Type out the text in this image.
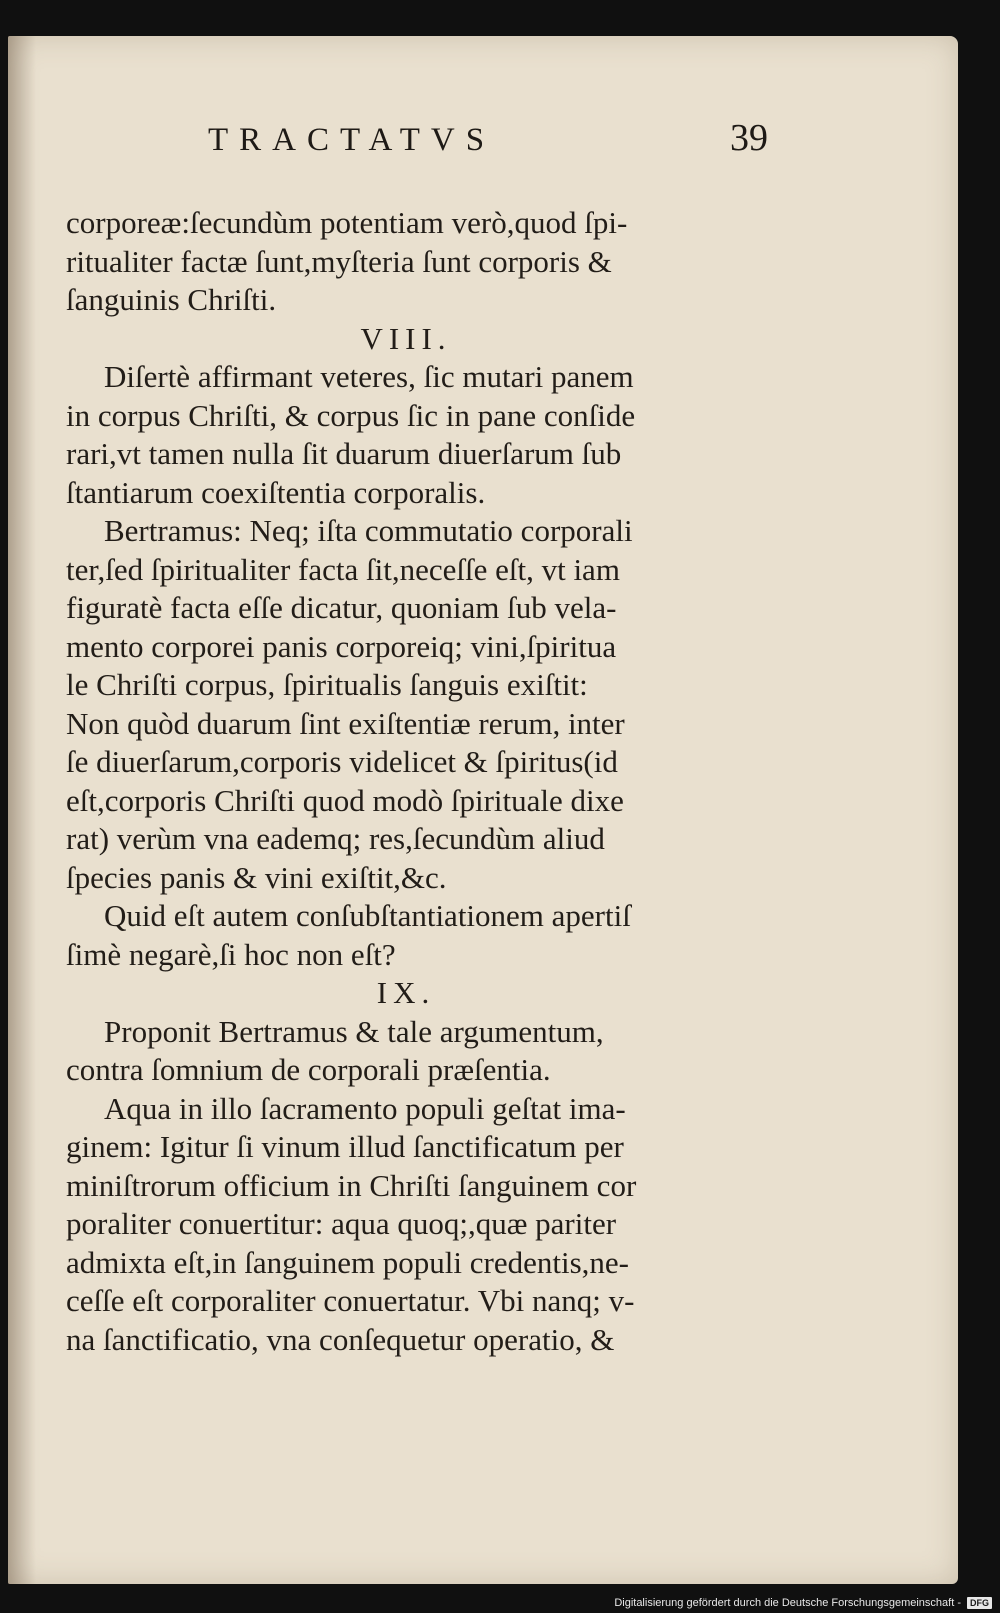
TRACTATVS	39
corporeæ:ſecundùm potentiam verò,quod ſpi-
ritualiter factæ ſunt,myſteria ſunt corporis &
ſanguinis Chriſti.
VIII.
Diſertè affirmant veteres, ſic mutari panem
in corpus Chriſti, & corpus ſic in pane conſide
rari,vt tamen nulla ſit duarum diuerſarum ſub
ſtantiarum coexiſtentia corporalis.
Bertramus: Neq; iſta commutatio corporali
ter,ſed ſpiritualiter facta ſit,neceſſe eſt, vt iam
figuratè facta eſſe dicatur, quoniam ſub vela-
mento corporei panis corporeiq; vini,ſpiritua
le Chriſti corpus, ſpiritualis ſanguis exiſtit:
Non quòd duarum ſint exiſtentiæ rerum, inter
ſe diuerſarum,corporis videlicet & ſpiritus(id
eſt,corporis Chriſti quod modò ſpirituale dixe
rat) verùm vna eademq; res,ſecundùm aliud
ſpecies panis & vini exiſtit,&c.
Quid eſt autem conſubſtantiationem apertiſ
ſimè negarè,ſi hoc non eſt?
IX.
Proponit Bertramus & tale argumentum,
contra ſomnium de corporali præſentia.
Aqua in illo ſacramento populi geſtat ima-
ginem: Igitur ſi vinum illud ſanctificatum per
miniſtrorum officium in Chriſti ſanguinem cor
poraliter conuertitur: aqua quoq;,quæ pariter
admixta eſt,in ſanguinem populi credentis,ne-
ceſſe eſt corporaliter conuertatur. Vbi nanq; v-
na ſanctificatio, vna conſequetur operatio, &
Digitalisierung gefördert durch die Deutsche Forschungsgemeinschaft -	DFG
